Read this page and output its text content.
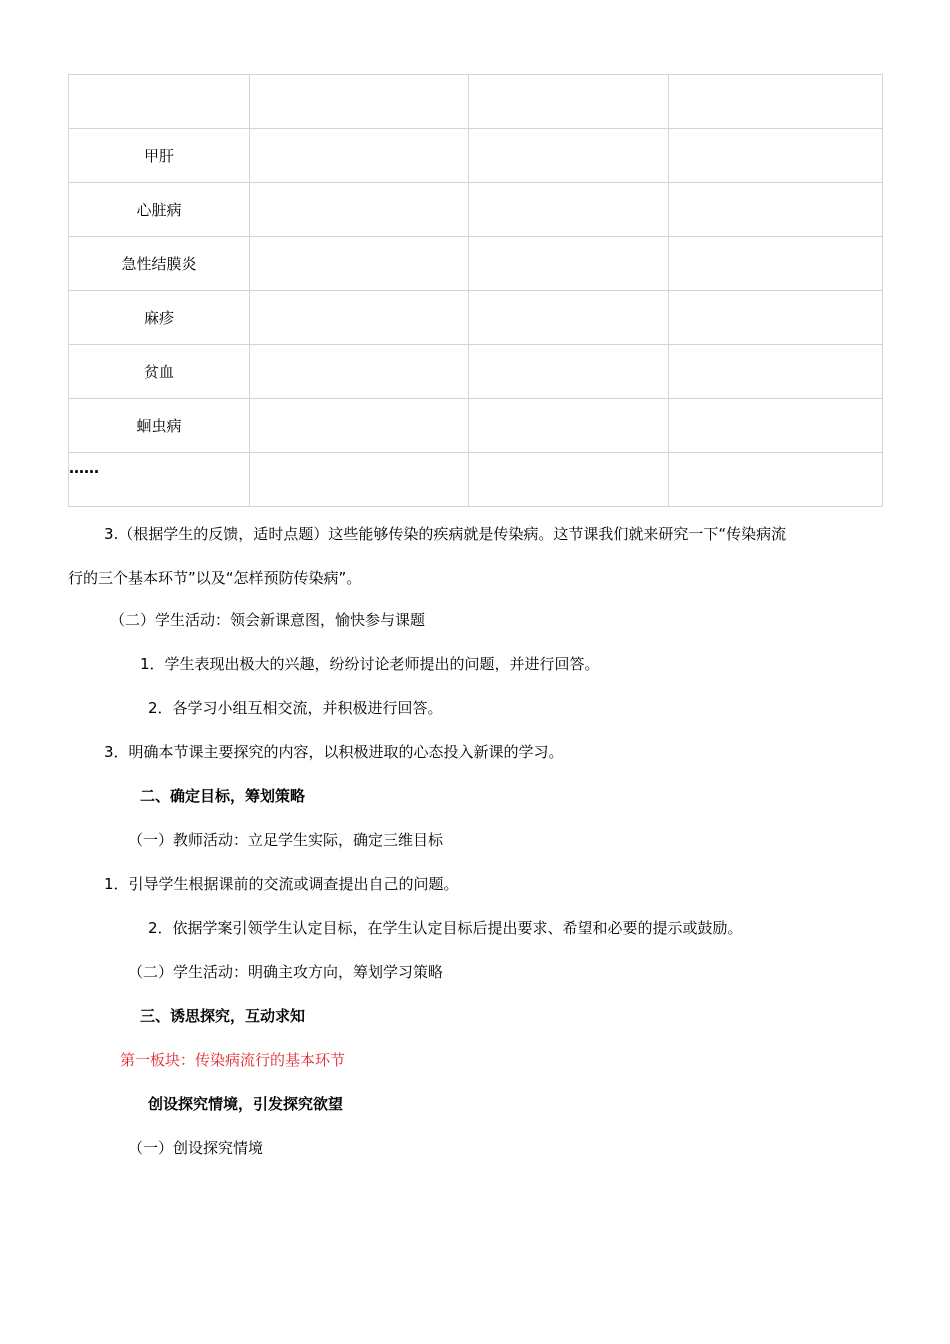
甲肝			
心脏病			
急性结膜炎			
麻疹			
贫血			
蛔虫病			
……			
3.（根据学生的反馈，适时点题）这些能够传染的疾病就是传染病。这节课我们就来研究一下“传染病流
行的三个基本环节”以及“怎样预防传染病”。
（二）学生活动：领会新课意图，愉快参与课题
1．学生表现出极大的兴趣，纷纷讨论老师提出的问题，并进行回答。
2．各学习小组互相交流，并积极进行回答。
3．明确本节课主要探究的内容，以积极进取的心态投入新课的学习。
二、确定目标，筹划策略
（一）教师活动：立足学生实际，确定三维目标
1．引导学生根据课前的交流或调查提出自己的问题。
2．依据学案引领学生认定目标，在学生认定目标后提出要求、希望和必要的提示或鼓励。
（二）学生活动：明确主攻方向，筹划学习策略
三、诱思探究，互动求知
第一板块：传染病流行的基本环节
创设探究情境，引发探究欲望
（一）创设探究情境
